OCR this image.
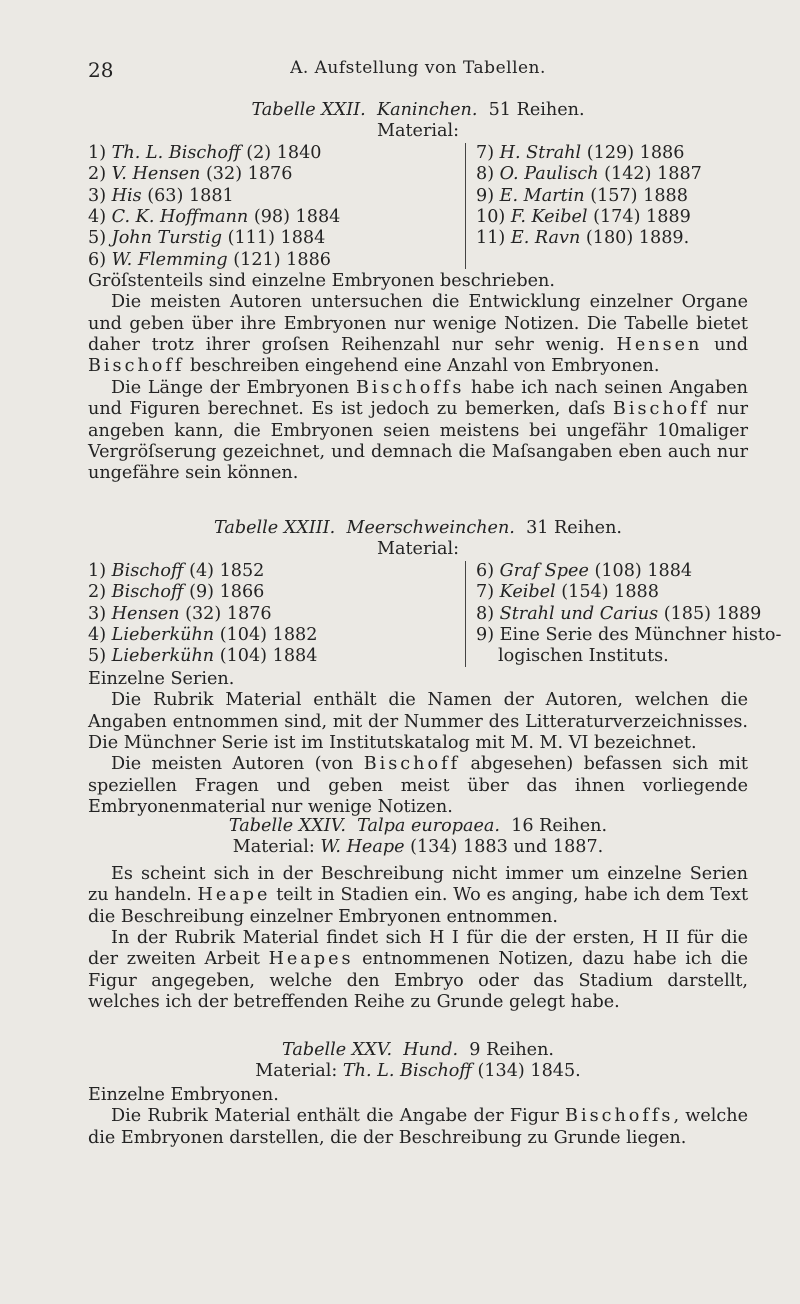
28	A. Aufstellung von Tabellen.
Tabelle XXII. Kaninchen. 51 Reihen.
Material:
1) Th. L. Bischoff (2) 1840
2) V. Hensen (32) 1876
3) His (63) 1881
4) C. K. Hoffmann (98) 1884
5) John Turstig (111) 1884
6) W. Flemming (121) 1886
7) H. Strahl (129) 1886
8) O. Paulisch (142) 1887
9) E. Martin (157) 1888
10) F. Keibel (174) 1889
11) E. Ravn (180) 1889.

Gröſstenteils sind einzelne Embryonen beschrieben.

Die meisten Autoren untersuchen die Entwicklung einzelner Organe und geben über ihre Embryonen nur wenige Notizen. Die Tabelle bietet daher trotz ihrer groſsen Reihenzahl nur sehr wenig. Hensen und Bischoff beschreiben eingehend eine Anzahl von Embryonen.

Die Länge der Embryonen Bischoffs habe ich nach seinen Angaben und Figuren berechnet. Es ist jedoch zu bemerken, daſs Bischoff nur angeben kann, die Embryonen seien meistens bei ungefähr 10maliger Vergröſserung gezeichnet, und demnach die Maſsangaben eben auch nur ungefähre sein können.

Tabelle XXIII. Meerschweinchen. 31 Reihen.
Material:
1) Bischoff (4) 1852
2) Bischoff (9) 1866
3) Hensen (32) 1876
4) Lieberkühn (104) 1882
5) Lieberkühn (104) 1884
6) Graf Spee (108) 1884
7) Keibel (154) 1888
8) Strahl und Carius (185) 1889
9) Eine Serie des Münchner histo-
logischen Instituts.

Einzelne Serien.

Die Rubrik Material enthält die Namen der Autoren, welchen die Angaben entnommen sind, mit der Nummer des Litteraturverzeichnisses. Die Münchner Serie ist im Institutskatalog mit M. M. VI bezeichnet.

Die meisten Autoren (von Bischoff abgesehen) befassen sich mit speziellen Fragen und geben meist über das ihnen vorliegende Embryonenmaterial nur wenige Notizen.

Tabelle XXIV. Talpa europaea. 16 Reihen.
Material: W. Heape (134) 1883 und 1887.

Es scheint sich in der Beschreibung nicht immer um einzelne Serien zu handeln. Heape teilt in Stadien ein. Wo es anging, habe ich dem Text die Beschreibung einzelner Embryonen entnommen.

In der Rubrik Material findet sich H I für die der ersten, H II für die der zweiten Arbeit Heapes entnommenen Notizen, dazu habe ich die Figur angegeben, welche den Embryo oder das Stadium darstellt, welches ich der betreffenden Reihe zu Grunde gelegt habe.

Tabelle XXV. Hund. 9 Reihen.
Material: Th. L. Bischoff (134) 1845.

Einzelne Embryonen.

Die Rubrik Material enthält die Angabe der Figur Bischoffs, welche die Embryonen darstellen, die der Beschreibung zu Grunde liegen.
